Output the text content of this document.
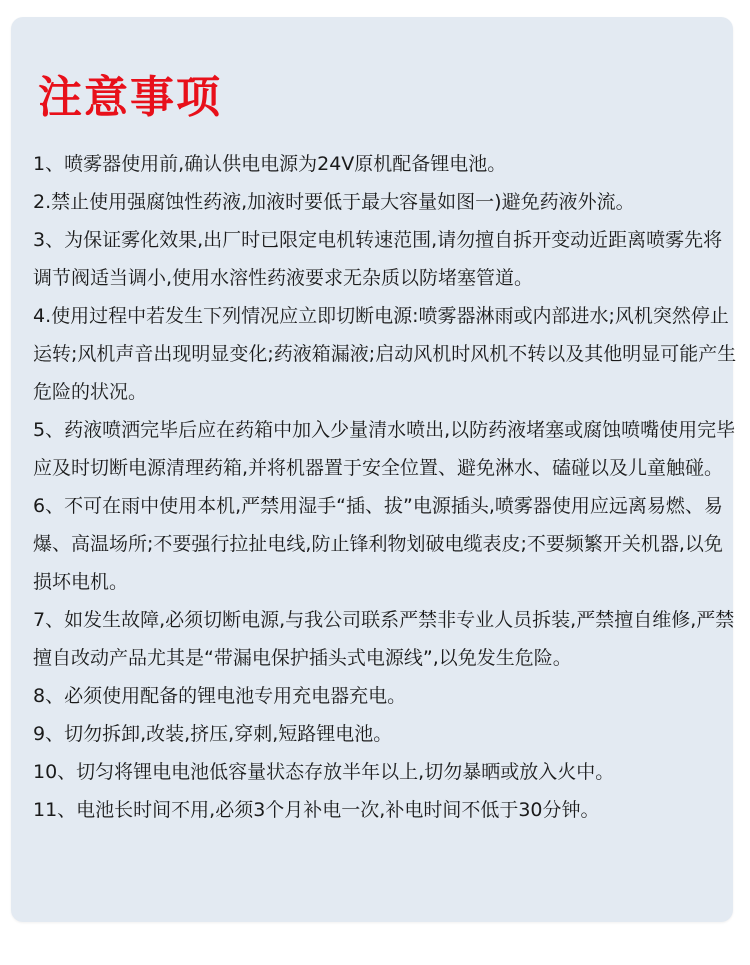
注意事项
1、喷雾器使用前,确认供电电源为24V原机配备锂电池。
2.禁止使用强腐蚀性药液,加液时要低于最大容量如图一)避免药液外流。
3、为保证雾化效果,出厂时已限定电机转速范围,请勿擅自拆开变动近距离喷雾先将调节阀适当调小,使用水溶性药液要求无杂质以防堵塞管道。
4.使用过程中若发生下列情况应立即切断电源:喷雾器淋雨或内部进水;风机突然停止运转;风机声音出现明显变化;药液箱漏液;启动风机时风机不转以及其他明显可能产生危险的状况。
5、药液喷洒完毕后应在药箱中加入少量清水喷出,以防药液堵塞或腐蚀喷嘴使用完毕应及时切断电源清理药箱,并将机器置于安全位置、避免淋水、磕碰以及儿童触碰。
6、不可在雨中使用本机,严禁用湿手“插、拔”电源插头,喷雾器使用应远离易燃、易爆、高温场所;不要强行拉扯电线,防止锋利物划破电缆表皮;不要频繁开关机器,以免损坏电机。
7、如发生故障,必须切断电源,与我公司联系严禁非专业人员拆装,严禁擅自维修,严禁擅自改动产品尤其是“带漏电保护插头式电源线”,以免发生危险。
8、必须使用配备的锂电池专用充电器充电。
9、切勿拆卸,改装,挤压,穿刺,短路锂电池。
10、切匀将锂电电池低容量状态存放半年以上,切勿暴晒或放入火中。
11、电池长时间不用,必须3个月补电一次,补电时间不低于30分钟。
